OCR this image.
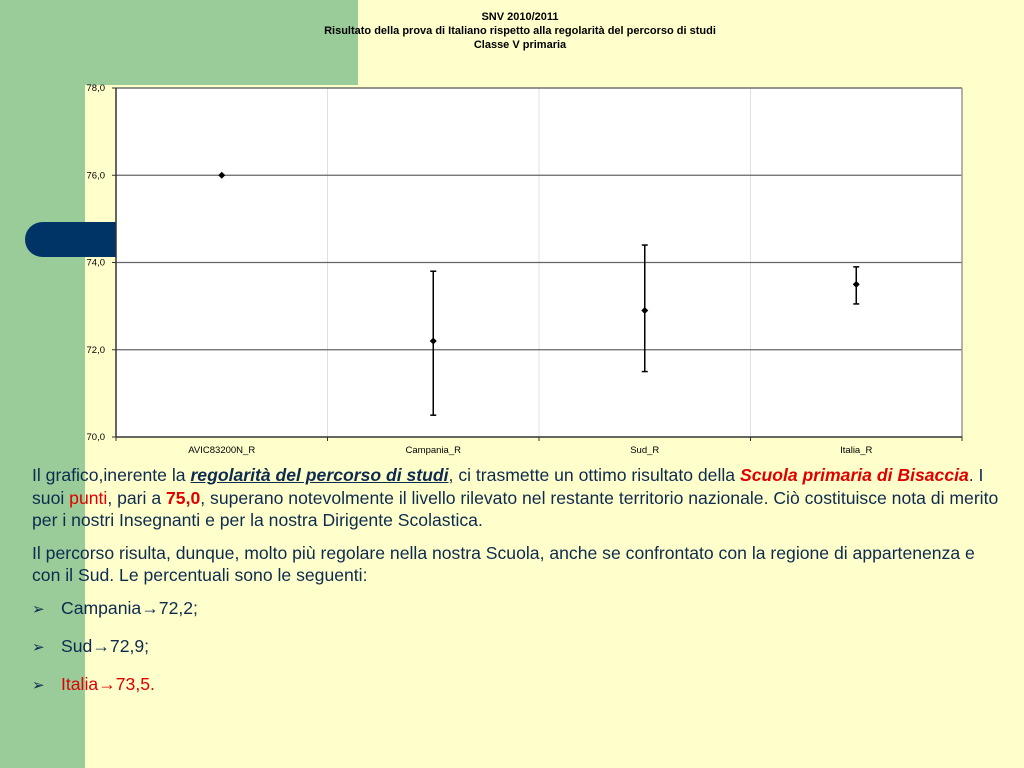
SNV 2010/2011
Risultato della prova di Italiano rispetto alla regolarità del percorso di studi
Classe V primaria
70,0
72,0
74,0
76,0
78,0
AVIC83200N_R	Campania_R	Sud_R	Italia_R

Il grafico,inerente la regolarità del percorso di studi, ci trasmette un ottimo risultato della Scuola primaria di Bisaccia. I suoi punti, pari a 75,0, superano notevolmente il livello rilevato nel restante territorio nazionale. Ciò costituisce nota di merito per i nostri Insegnanti e per la nostra Dirigente Scolastica.

Il percorso risulta, dunque, molto più regolare nella nostra Scuola, anche se confrontato con la regione di appartenenza e con il Sud. Le percentuali sono le seguenti:

➢ Campania→72,2;
➢ Sud→72,9;
➢ Italia→73,5.
